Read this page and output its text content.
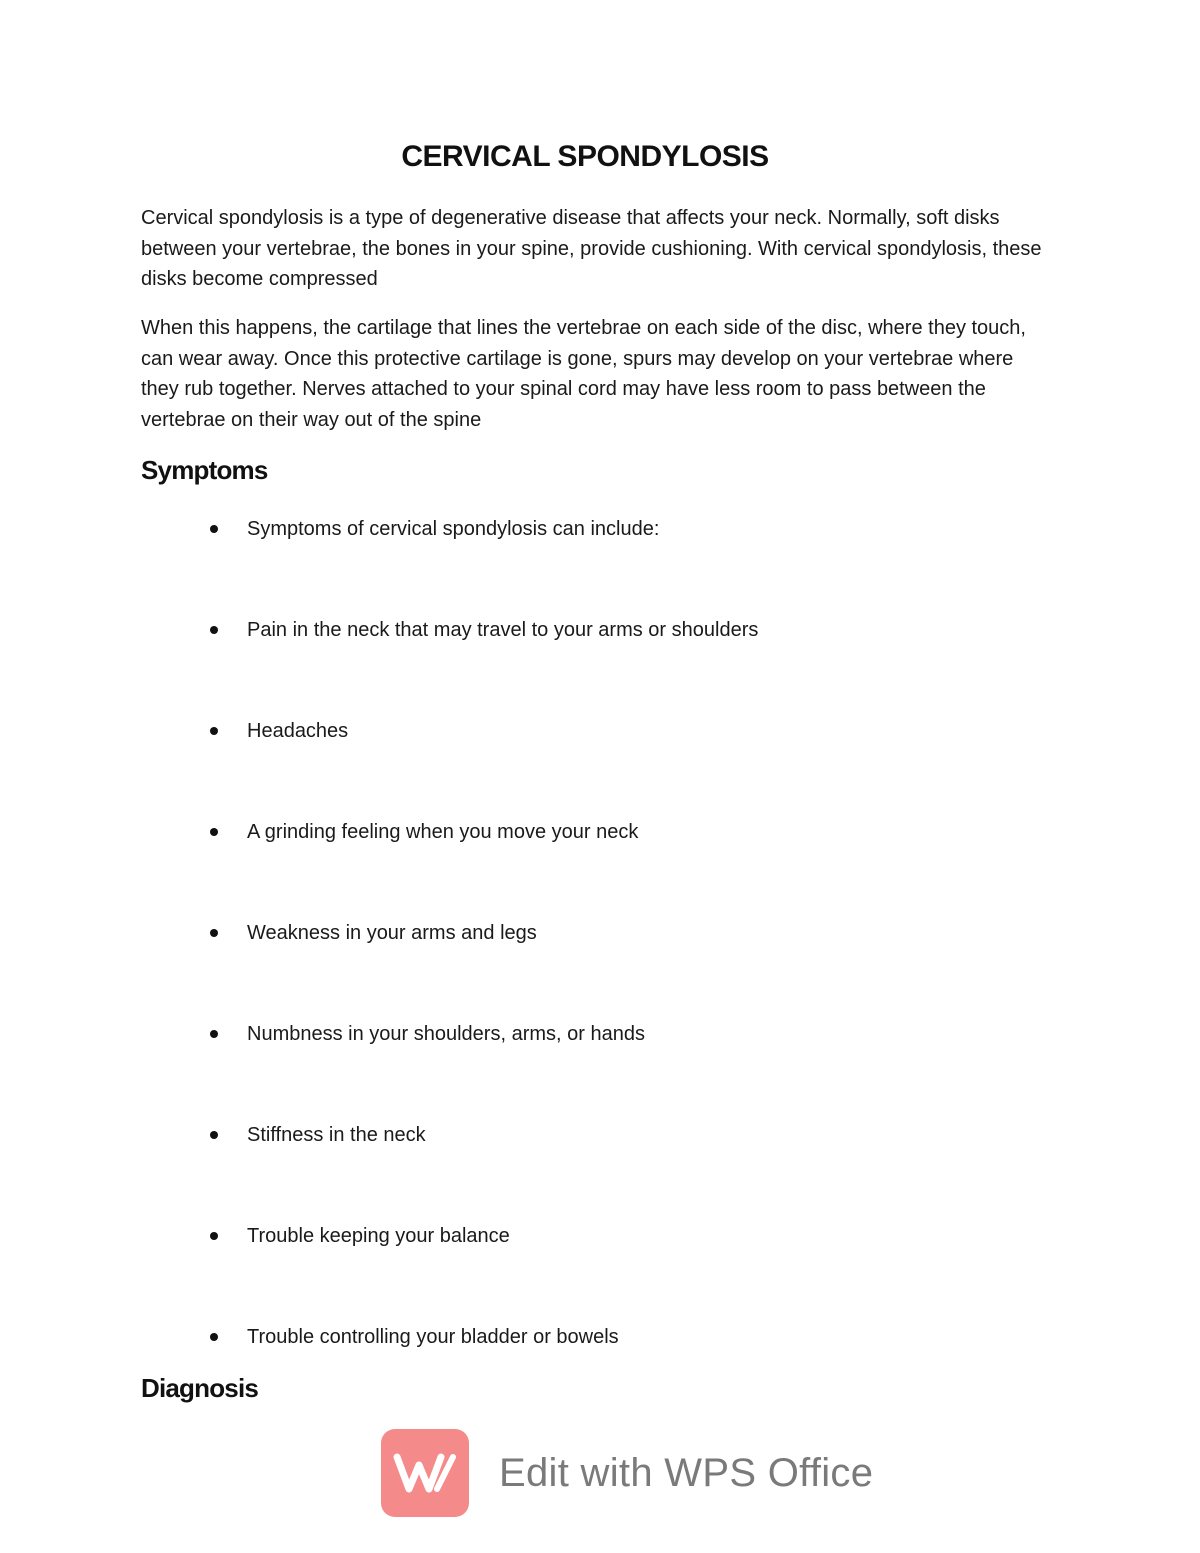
CERVICAL SPONDYLOSIS
Cervical spondylosis is a type of degenerative disease that affects your neck. Normally, soft disks between your vertebrae, the bones in your spine, provide cushioning. With cervical spondylosis, these disks become compressed
When this happens, the cartilage that lines the vertebrae on each side of the disc, where they touch, can wear away. Once this protective cartilage is gone, spurs may develop on your vertebrae where they rub together. Nerves attached to your spinal cord may have less room to pass between the vertebrae on their way out of the spine
Symptoms
Symptoms of cervical spondylosis can include:
Pain in the neck that may travel to your arms or shoulders
Headaches
A grinding feeling when you move your neck
Weakness in your arms and legs
Numbness in your shoulders, arms, or hands
Stiffness in the neck
Trouble keeping your balance
Trouble controlling your bladder or bowels
Diagnosis
Edit with WPS Office
